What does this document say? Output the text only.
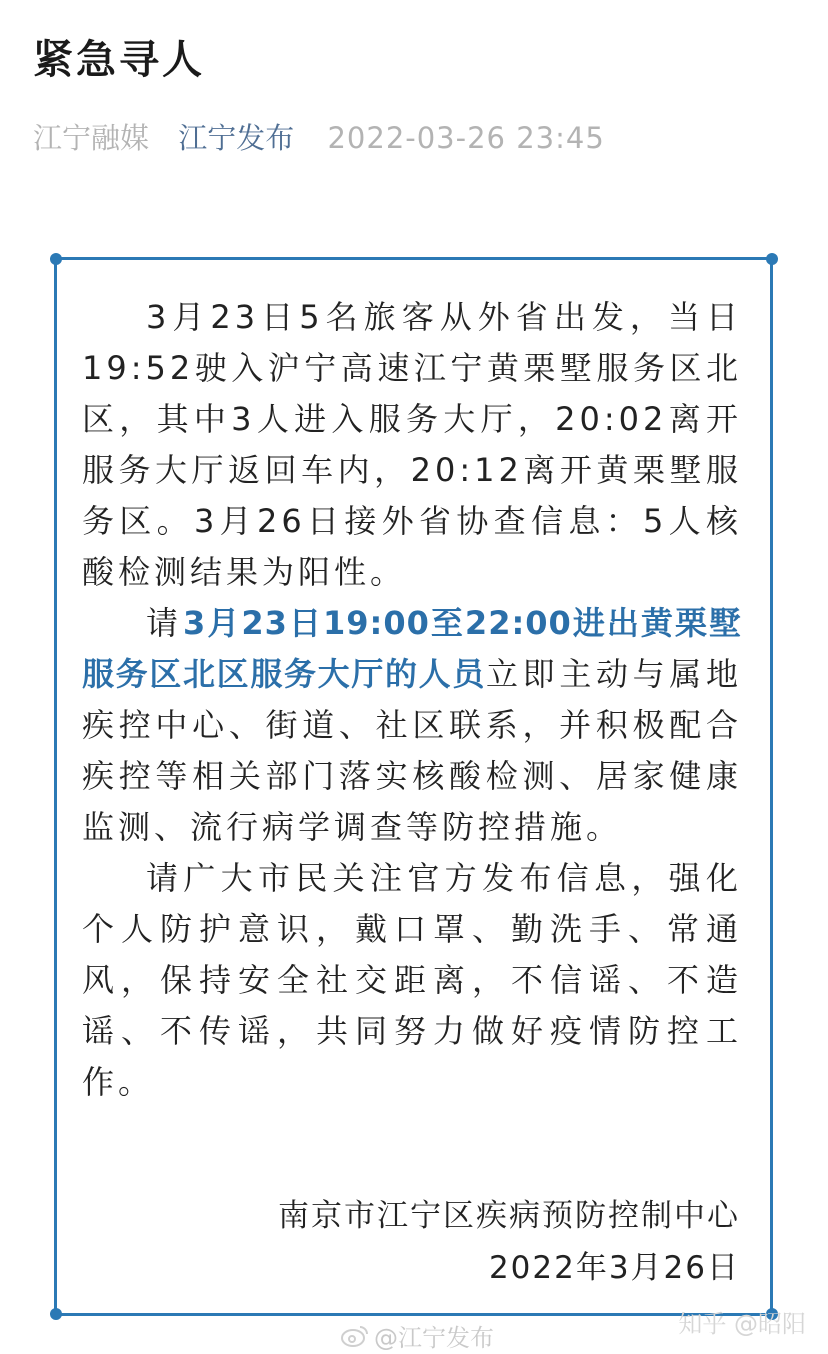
紧急寻人
江宁融媒 江宁发布 2022-03-26 23:45

3月23日5名旅客从外省出发，当日19:52驶入沪宁高速江宁黄栗墅服务区北区，其中3人进入服务大厅，20:02离开服务大厅返回车内，20:12离开黄栗墅服务区。3月26日接外省协查信息：5人核酸检测结果为阳性。

请3月23日19:00至22:00进出黄栗墅服务区北区服务大厅的人员立即主动与属地疾控中心、街道、社区联系，并积极配合疾控等相关部门落实核酸检测、居家健康监测、流行病学调查等防控措施。

请广大市民关注官方发布信息，强化个人防护意识，戴口罩、勤洗手、常通风，保持安全社交距离，不信谣、不造谣、不传谣，共同努力做好疫情防控工作。

南京市江宁区疾病预防控制中心
2022年3月26日
@江宁发布	知乎 @昭阳
